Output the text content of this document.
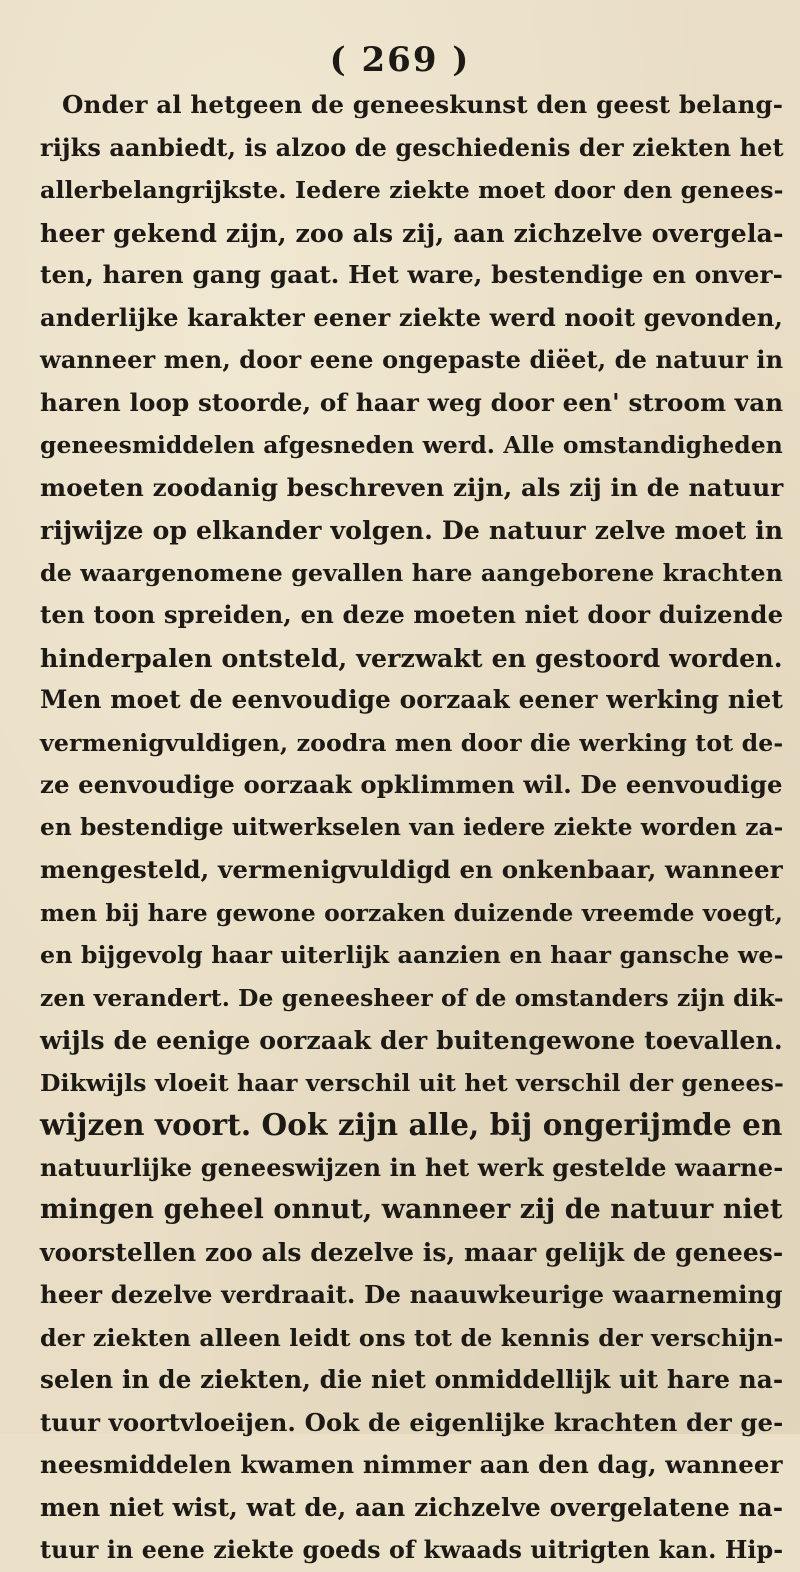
( 269 )
Onder al hetgeen de geneeskunst den geest belang-
rijks aanbiedt, is alzoo de geschiedenis der ziekten het
allerbelangrijkste. Iedere ziekte moet door den genees-
heer gekend zijn, zoo als zij, aan zichzelve overgela-
ten, haren gang gaat. Het ware, bestendige en onver-
anderlijke karakter eener ziekte werd nooit gevonden,
wanneer men, door eene ongepaste diëet, de natuur in
haren loop stoorde, of haar weg door een' stroom van
geneesmiddelen afgesneden werd. Alle omstandigheden
moeten zoodanig beschreven zijn, als zij in de natuur
rijwijze op elkander volgen. De natuur zelve moet in
de waargenomene gevallen hare aangeborene krachten
ten toon spreiden, en deze moeten niet door duizende
hinderpalen ontsteld, verzwakt en gestoord worden.
Men moet de eenvoudige oorzaak eener werking niet
vermenigvuldigen, zoodra men door die werking tot de-
ze eenvoudige oorzaak opklimmen wil. De eenvoudige
en bestendige uitwerkselen van iedere ziekte worden za-
mengesteld, vermenigvuldigd en onkenbaar, wanneer
men bij hare gewone oorzaken duizende vreemde voegt,
en bijgevolg haar uiterlijk aanzien en haar gansche we-
zen verandert. De geneesheer of de omstanders zijn dik-
wijls de eenige oorzaak der buitengewone toevallen.
Dikwijls vloeit haar verschil uit het verschil der genees-
wijzen voort. Ook zijn alle, bij ongerijmde en
natuurlijke geneeswijzen in het werk gestelde waarne-
mingen geheel onnut, wanneer zij de natuur niet
voorstellen zoo als dezelve is, maar gelijk de genees-
heer dezelve verdraait. De naauwkeurige waarneming
der ziekten alleen leidt ons tot de kennis der verschijn-
selen in de ziekten, die niet onmiddellijk uit hare na-
tuur voortvloeijen. Ook de eigenlijke krachten der ge-
neesmiddelen kwamen nimmer aan den dag, wanneer
men niet wist, wat de, aan zichzelve overgelatene na-
tuur in eene ziekte goeds of kwaads uitrigten kan. Hip-
